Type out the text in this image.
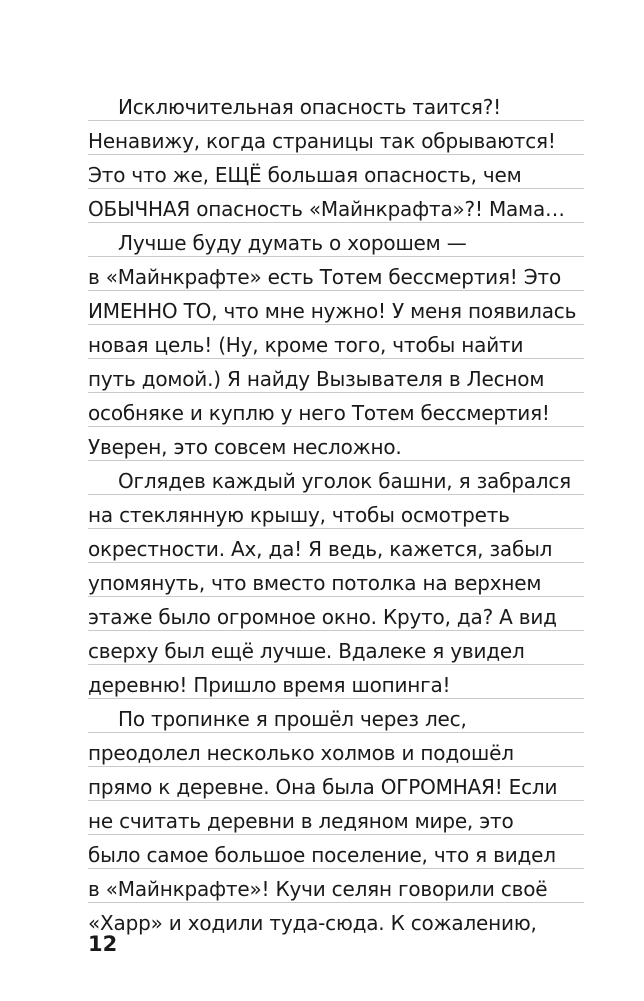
Исключительная опасность таится?!
Ненавижу, когда страницы так обрываются!
Это что же, ЕЩЁ большая опасность, чем
ОБЫЧНАЯ опасность «Майнкрафта»?! Мама…
Лучше буду думать о хорошем —
в «Майнкрафте» есть Тотем бессмертия! Это
ИМЕННО ТО, что мне нужно! У меня появилась
новая цель! (Ну, кроме того, чтобы найти
путь домой.) Я найду Вызывателя в Лесном
особняке и куплю у него Тотем бессмертия!
Уверен, это совсем несложно.
Оглядев каждый уголок башни, я забрался
на стеклянную крышу, чтобы осмотреть
окрестности. Ах, да! Я ведь, кажется, забыл
упомянуть, что вместо потолка на верхнем
этаже было огромное окно. Круто, да? А вид
сверху был ещё лучше. Вдалеке я увидел
деревню! Пришло время шопинга!
По тропинке я прошёл через лес,
преодолел несколько холмов и подошёл
прямо к деревне. Она была ОГРОМНАЯ! Если
не считать деревни в ледяном мире, это
было самое большое поселение, что я видел
в «Майнкрафте»! Кучи селян говорили своё
«Харр» и ходили туда-сюда. К сожалению,
12
